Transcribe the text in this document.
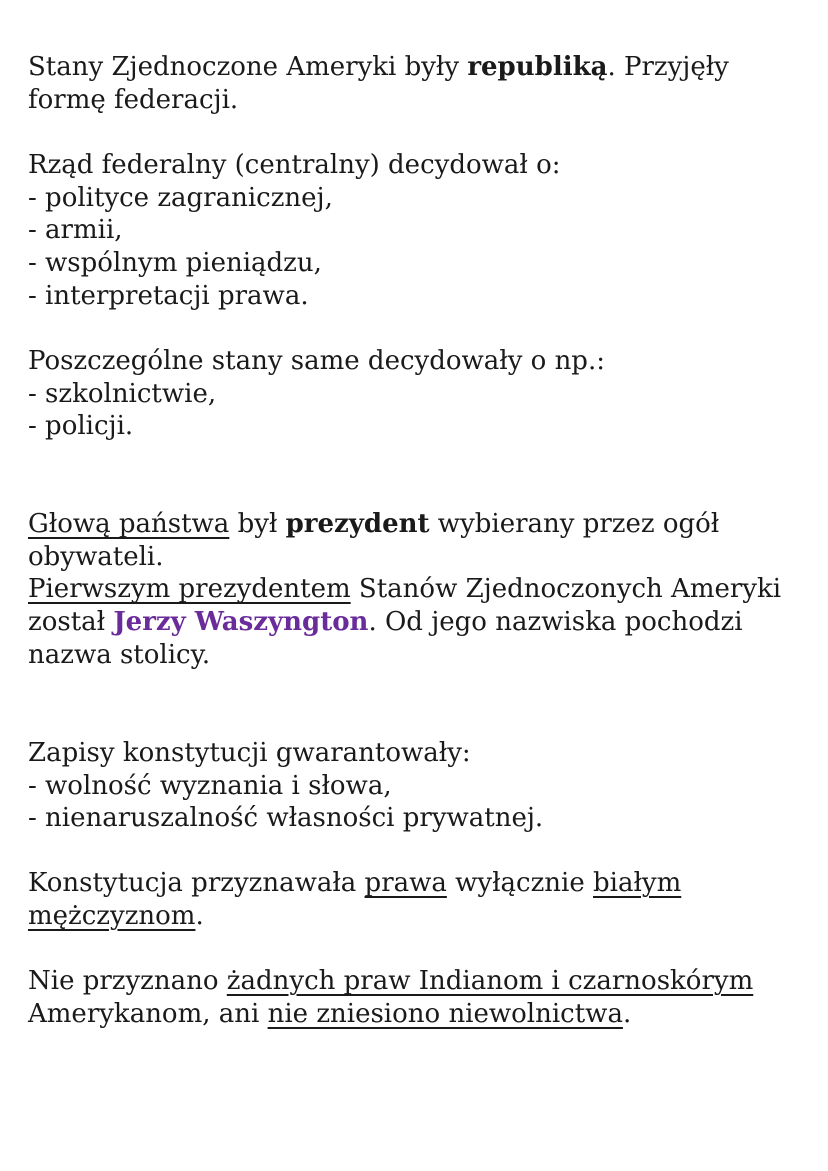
Stany Zjednoczone Ameryki były republiką. Przyjęły
formę federacji.
Rząd federalny (centralny) decydował o:
- polityce zagranicznej,
- armii,
- wspólnym pieniądzu,
- interpretacji prawa.
Poszczególne stany same decydowały o np.:
- szkolnictwie,
- policji.
Głową państwa był prezydent wybierany przez ogół
obywateli.
Pierwszym prezydentem Stanów Zjednoczonych Ameryki
został Jerzy Waszyngton. Od jego nazwiska pochodzi
nazwa stolicy.
Zapisy konstytucji gwarantowały:
- wolność wyznania i słowa,
- nienaruszalność własności prywatnej.
Konstytucja przyznawała prawa wyłącznie białym
mężczyznom.
Nie przyznano żadnych praw Indianom i czarnoskórym
Amerykanom, ani nie zniesiono niewolnictwa.
